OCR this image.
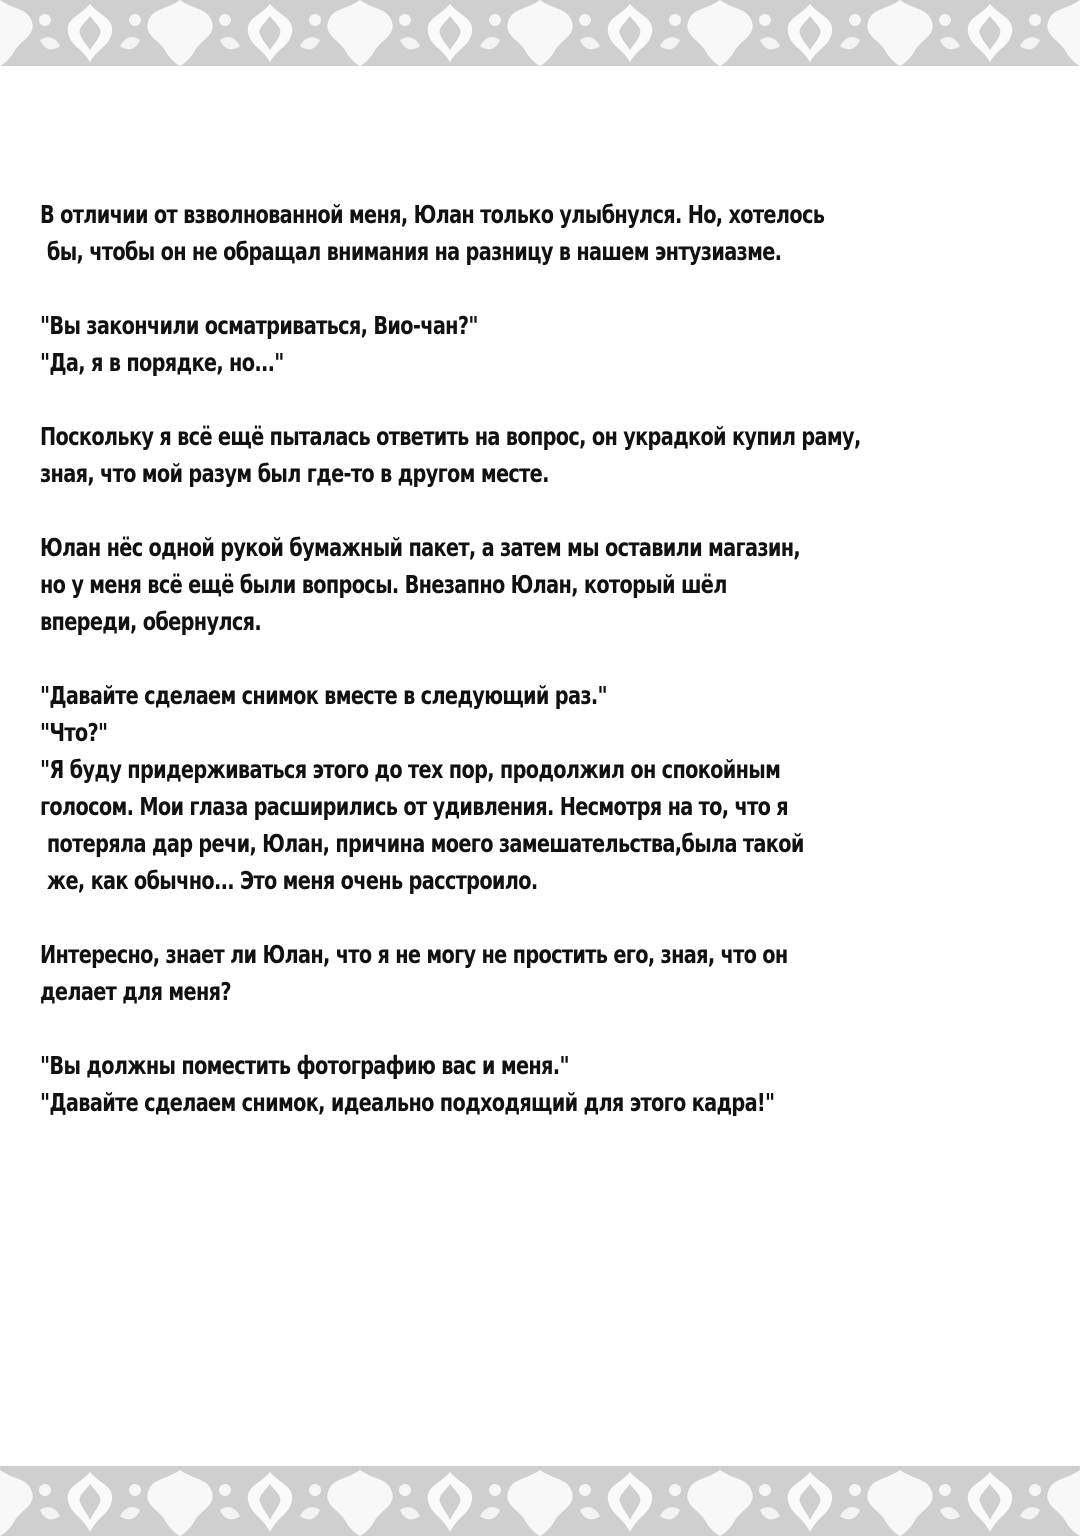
В отличии от взволнованной меня, Юлан только улыбнулся. Но, хотелось
бы, чтобы он не обращал внимания на разницу в нашем энтузиазме.
"Вы закончили осматриваться, Вио-чан?"
"Да, я в порядке, но..."
Поскольку я всё ещё пыталась ответить на вопрос, он украдкой купил раму,
зная, что мой разум был где-то в другом месте.
Юлан нёс одной рукой бумажный пакет, а затем мы оставили магазин,
но у меня всё ещё были вопросы. Внезапно Юлан, который шёл
впереди, обернулся.
"Давайте сделаем снимок вместе в следующий раз."
"Что?"
"Я буду придерживаться этого до тех пор, продолжил он спокойным
голосом. Мои глаза расширились от удивления. Несмотря на то, что я
потеряла дар речи, Юлан, причина моего замешательства,была такой
же, как обычно... Это меня очень расстроило.
Интересно, знает ли Юлан, что я не могу не простить его, зная, что он
делает для меня?
"Вы должны поместить фотографию вас и меня."
"Давайте сделаем снимок, идеально подходящий для этого кадра!"
